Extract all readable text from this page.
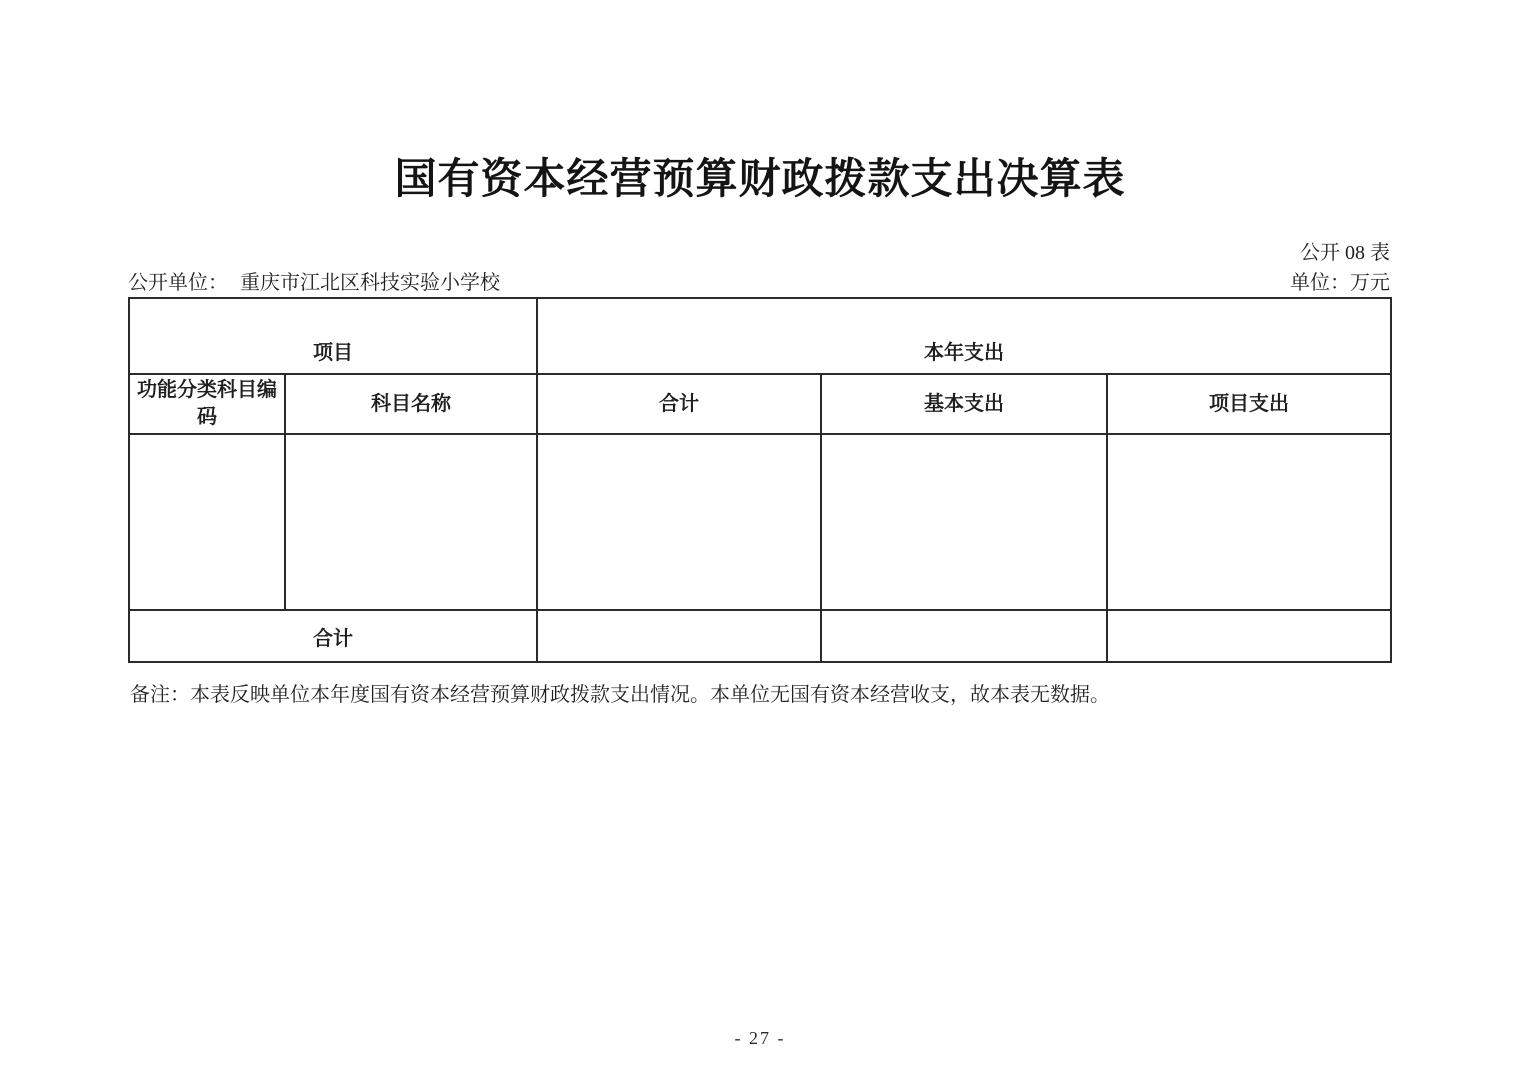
国有资本经营预算财政拨款支出决算表
公开 08 表
公开单位： 重庆市江北区科技实验小学校	单位：万元
项目		本年支出		
功能分类科目编码	科目名称	合计	基本支出	项目支出

合计				
备注：本表反映单位本年度国有资本经营预算财政拨款支出情况。本单位无国有资本经营收支，故本表无数据。
- 27 -
